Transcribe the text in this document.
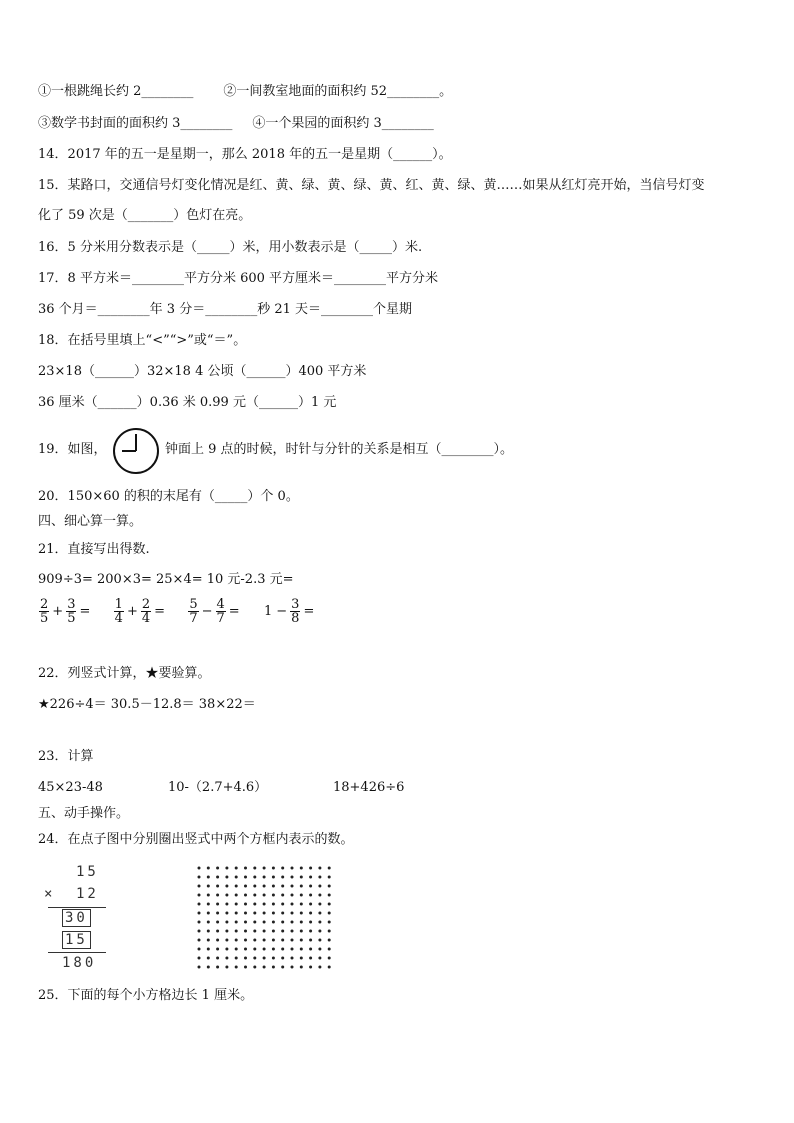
①一根跳绳长约 2________ ②一间教室地面的面积约 52________。
③数学书封面的面积约 3________ ④一个果园的面积约 3________
14．2017 年的五一是星期一，那么 2018 年的五一是星期（______）。
15．某路口，交通信号灯变化情况是红、黄、绿、黄、绿、黄、红、黄、绿、黄……如果从红灯亮开始，当信号灯变
化了 59 次是（_______）色灯在亮。
16．5 分米用分数表示是（_____）米，用小数表示是（_____）米.
17．8 平方米＝________平方分米 600 平方厘米＝________平方分米
36 个月＝________年 3 分＝________秒 21 天＝________个星期
18．在括号里填上“<”“>”或“＝”。
23×18（______）32×18 4 公顷（______）400 平方米
36 厘米（______）0.36 米 0.99 元（______）1 元
19．如图，	钟面上 9 点的时候，时针与分针的关系是相互（________）。
20．150×60 的积的末尾有（_____）个 0。
四、细心算一算。
21．直接写出得数.
909÷3= 200×3= 25×4= 10 元-2.3 元=
$\frac{2}{5} + \frac{3}{5} = \frac{1}{4} + \frac{2}{4} = \frac{5}{7} - \frac{4}{7} = 1 - \frac{3}{8}$ =
22．列竖式计算，★要验算。
★226÷4＝ 30.5－12.8＝ 38×22＝
23．计算
45×23-48	10-（2.7+4.6）	18+426÷6
五、动手操作。
24．在点子图中分别圈出竖式中两个方框内表示的数。
15
× 12
30
15
180
25．下面的每个小方格边长 1 厘米。
